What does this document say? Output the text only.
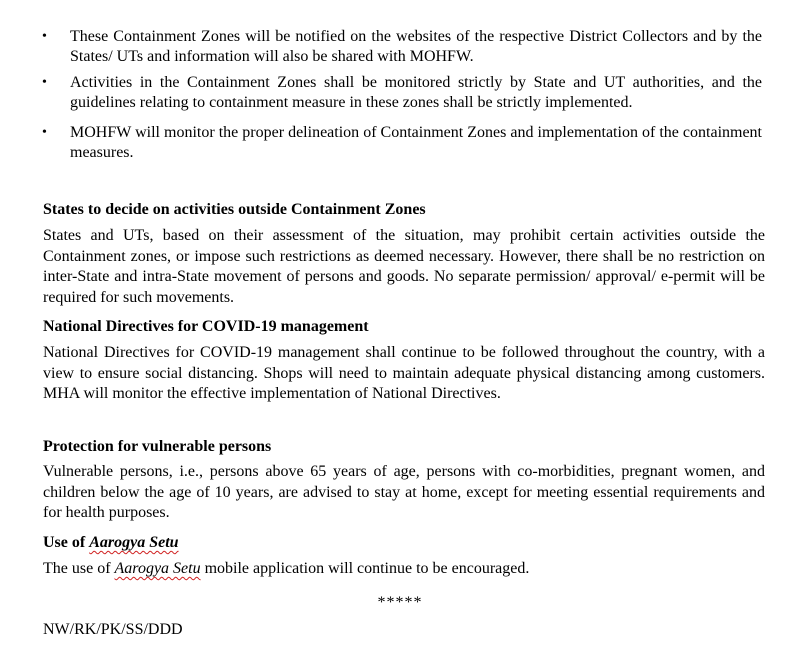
•	These Containment Zones will be notified on the websites of the respective District Collectors and by the States/ UTs and information will also be shared with MOHFW.
•	Activities in the Containment Zones shall be monitored strictly by State and UT authorities, and the guidelines relating to containment measure in these zones shall be strictly implemented.
•	MOHFW will monitor the proper delineation of Containment Zones and implementation of the containment measures.
States to decide on activities outside Containment Zones

States and UTs, based on their assessment of the situation, may prohibit certain activities outside the Containment zones, or impose such restrictions as deemed necessary. However, there shall be no restriction on inter-State and intra-State movement of persons and goods. No separate permission/ approval/ e-permit will be required for such movements.

National Directives for COVID-19 management

National Directives for COVID-19 management shall continue to be followed throughout the country, with a view to ensure social distancing. Shops will need to maintain adequate physical distancing among customers. MHA will monitor the effective implementation of National Directives.

Protection for vulnerable persons

Vulnerable persons, i.e., persons above 65 years of age, persons with co-morbidities, pregnant women, and children below the age of 10 years, are advised to stay at home, except for meeting essential requirements and for health purposes.

Use of Aarogya Setu

The use of Aarogya Setu mobile application will continue to be encouraged.

*****
NW/RK/PK/SS/DDD
